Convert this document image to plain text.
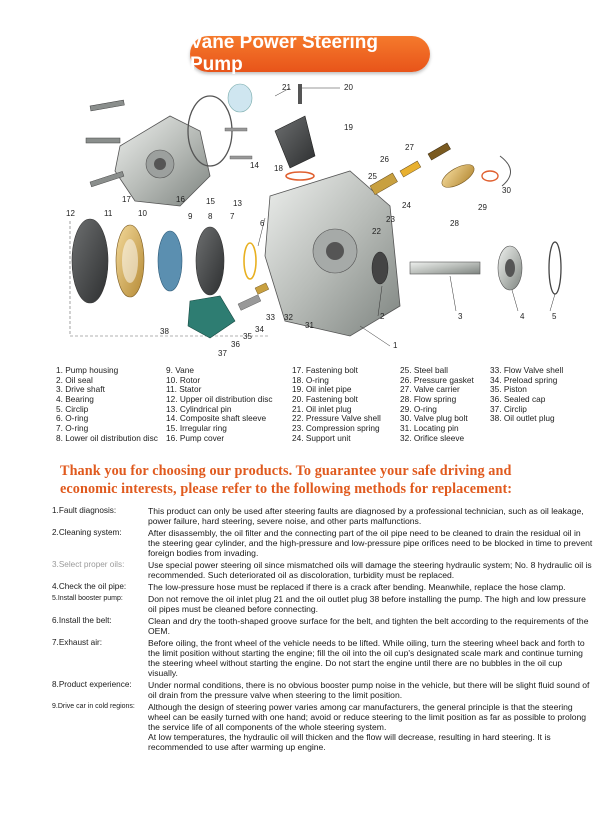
Vane Power Steering Pump
1
2	3	4	5
6
7
8
9
10
11
12
13
14
15
16
17
18
19
20
21
22
23
24
25
26
27
28
29
30
31
32
33
34
35
36
37
38
1. Pump housing
2. Oil seal
3. Drive shaft
4. Bearing
5. Circlip
6. O-ring
7. O-ring
8. Lower oil distribution disc
9. Vane
10. Rotor
11. Stator
12. Upper oil distribution disc
13. Cylindrical pin
14. Composite shaft sleeve
15. Irregular ring
16. Pump cover
17. Fastening bolt
18. O-ring
19. Oil inlet pipe
20. Fastening bolt
21. Oil inlet plug
22. Pressure Valve shell
23. Compression spring
24. Support unit
25. Steel ball
26. Pressure gasket
27. Valve carrier
28. Flow spring
29. O-ring
30. Valve plug bolt
31. Locating pin
32. Orifice sleeve
33. Flow Valve shell
34. Preload spring
35. Piston
36. Sealed cap
37. Circlip
38. Oil outlet plug
Thank you for choosing our products. To guarantee your safe driving and
economic interests, please refer to the following methods for replacement:
1.Fault diagnosis:	This product can only be used after steering faults are diagnosed by a professional technician, such as oil leakage, power failure, hard steering, severe noise, and other parts malfunctions.

2.Cleaning system:	After disassembly, the oil filter and the connecting part of the oil pipe need to be cleaned to drain the residual oil in the steering gear cylinder, and the high-pressure and low-pressure pipe orifices need to be blocked in time to prevent foreign bodies from invading.

3.Select proper oils:	Use special power steering oil since mismatched oils will damage the steering hydraulic system; No. 8 hydraulic oil is recommended. Such deteriorated oil as discoloration, turbidity must be replaced.

4.Check the oil pipe:	The low-pressure hose must be replaced if there is a crack after bending. Meanwhile, replace the hose clamp.

5.Install booster pump:	Don not remove the oil inlet plug 21 and the oil outlet plug 38 before installing the pump. The high and low pressure oil pipes must be cleaned before connecting.

6.Install the belt:	Clean and dry the tooth-shaped groove surface for the belt, and tighten the belt according to the requirements of the OEM.

7.Exhaust air:	Before oiling, the front wheel of the vehicle needs to be lifted. While oiling, turn the steering wheel back and forth to the limit position without starting the engine; fill the oil into the oil cup's designated scale mark and continue turning the steering wheel without starting the engine. Do not start the engine until there are no bubbles in the oil cup visually.

8.Product experience:	Under normal conditions, there is no obvious booster pump noise in the vehicle, but there will be slight fluid sound of oil drain from the pressure valve when steering to the limit position.

9.Drive car in cold regions:	Although the design of steering power varies among car manufacturers, the general principle is that the steering wheel can be easily turned with one hand; avoid or reduce steering to the limit position as far as possible to prolong the service life of all components of the whole steering system.

At low temperatures, the hydraulic oil will thicken and the flow will decrease, resulting in hard steering. It is recommended to use after warming up engine.
